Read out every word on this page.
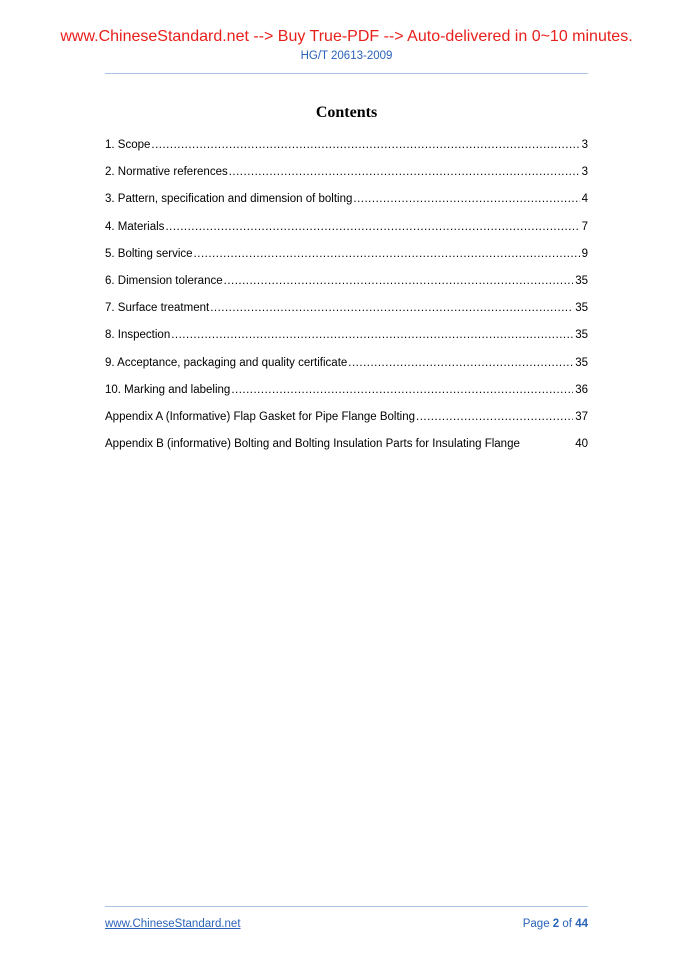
www.ChineseStandard.net --> Buy True-PDF --> Auto-delivered in 0~10 minutes.
HG/T 20613-2009
Contents
1. Scope .....	3
2. Normative references .....	3
3. Pattern, specification and dimension of bolting .....	4
4. Materials .....	7
5. Bolting service .....	9
6. Dimension tolerance .....	35
7. Surface treatment .....	35
8. Inspection .....	35
9. Acceptance, packaging and quality certificate .....	35
10. Marking and labeling .....	36
Appendix A (Informative) Flap Gasket for Pipe Flange Bolting .....	37
Appendix B (informative) Bolting and Bolting Insulation Parts for Insulating Flange	40
www.ChineseStandard.net	Page 2 of 44
